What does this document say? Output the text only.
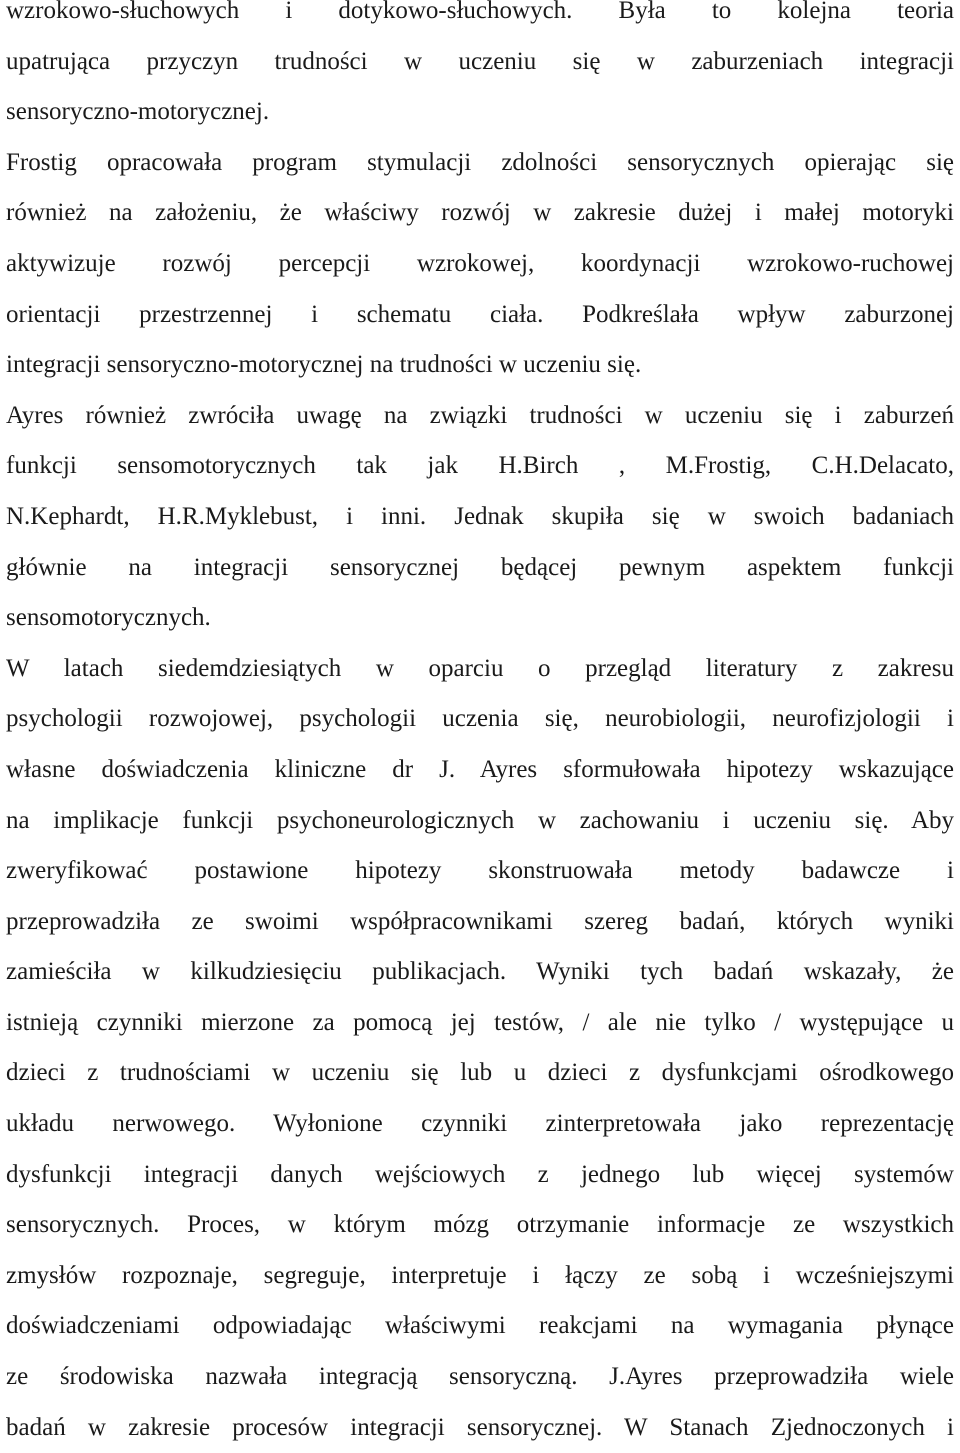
wzrokowo-słuchowych i dotykowo-słuchowych. Była to kolejna teoria
upatrująca przyczyn trudności w uczeniu się w zaburzeniach integracji
sensoryczno-motorycznej.
Frostig opracowała program stymulacji zdolności sensorycznych opierając się
również na założeniu, że właściwy rozwój w zakresie dużej i małej motoryki
aktywizuje rozwój percepcji wzrokowej, koordynacji wzrokowo-ruchowej
orientacji przestrzennej i schematu ciała. Podkreślała wpływ zaburzonej
integracji sensoryczno-motorycznej na trudności w uczeniu się.
Ayres również zwróciła uwagę na związki trudności w uczeniu się i zaburzeń
funkcji sensomotorycznych tak jak H.Birch , M.Frostig, C.H.Delacato,
N.Kephardt, H.R.Myklebust, i inni. Jednak skupiła się w swoich badaniach
głównie na integracji sensorycznej będącej pewnym aspektem funkcji
sensomotorycznych.
W latach siedemdziesiątych w oparciu o przegląd literatury z zakresu
psychologii rozwojowej, psychologii uczenia się, neurobiologii, neurofizjologii i
własne doświadczenia kliniczne dr J. Ayres sformułowała hipotezy wskazujące
na implikacje funkcji psychoneurologicznych w zachowaniu i uczeniu się. Aby
zweryfikować postawione hipotezy skonstruowała metody badawcze i
przeprowadziła ze swoimi współpracownikami szereg badań, których wyniki
zamieściła w kilkudziesięciu publikacjach. Wyniki tych badań wskazały, że
istnieją czynniki mierzone za pomocą jej testów, / ale nie tylko / występujące u
dzieci z trudnościami w uczeniu się lub u dzieci z dysfunkcjami ośrodkowego
układu nerwowego. Wyłonione czynniki zinterpretowała jako reprezentację
dysfunkcji integracji danych wejściowych z jednego lub więcej systemów
sensorycznych. Proces, w którym mózg otrzymanie informacje ze wszystkich
zmysłów rozpoznaje, segreguje, interpretuje i łączy ze sobą i wcześniejszymi
doświadczeniami odpowiadając właściwymi reakcjami na wymagania płynące
ze środowiska nazwała integracją sensoryczną. J.Ayres przeprowadziła wiele
badań w zakresie procesów integracji sensorycznej. W Stanach Zjednoczonych i
